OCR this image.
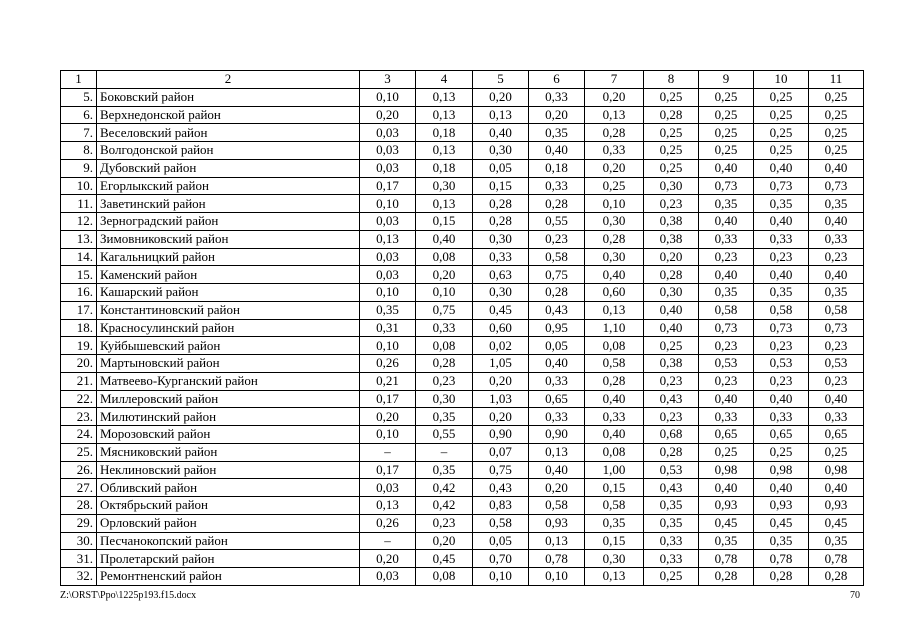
1	2	3	4	5	6	7	8	9	10	11
5.	Боковский район	0,10	0,13	0,20	0,33	0,20	0,25	0,25	0,25	0,25
6.	Верхнедонской район	0,20	0,13	0,13	0,20	0,13	0,28	0,25	0,25	0,25
7.	Веселовский район	0,03	0,18	0,40	0,35	0,28	0,25	0,25	0,25	0,25
8.	Волгодонской район	0,03	0,13	0,30	0,40	0,33	0,25	0,25	0,25	0,25
9.	Дубовский район	0,03	0,18	0,05	0,18	0,20	0,25	0,40	0,40	0,40
10.	Егорлыкский район	0,17	0,30	0,15	0,33	0,25	0,30	0,73	0,73	0,73
11.	Заветинский район	0,10	0,13	0,28	0,28	0,10	0,23	0,35	0,35	0,35
12.	Зерноградский район	0,03	0,15	0,28	0,55	0,30	0,38	0,40	0,40	0,40
13.	Зимовниковский район	0,13	0,40	0,30	0,23	0,28	0,38	0,33	0,33	0,33
14.	Кагальницкий район	0,03	0,08	0,33	0,58	0,30	0,20	0,23	0,23	0,23
15.	Каменский район	0,03	0,20	0,63	0,75	0,40	0,28	0,40	0,40	0,40
16.	Кашарский район	0,10	0,10	0,30	0,28	0,60	0,30	0,35	0,35	0,35
17.	Константиновский район	0,35	0,75	0,45	0,43	0,13	0,40	0,58	0,58	0,58
18.	Красносулинский район	0,31	0,33	0,60	0,95	1,10	0,40	0,73	0,73	0,73
19.	Куйбышевский район	0,10	0,08	0,02	0,05	0,08	0,25	0,23	0,23	0,23
20.	Мартыновский район	0,26	0,28	1,05	0,40	0,58	0,38	0,53	0,53	0,53
21.	Матвеево-Курганский район	0,21	0,23	0,20	0,33	0,28	0,23	0,23	0,23	0,23
22.	Миллеровский район	0,17	0,30	1,03	0,65	0,40	0,43	0,40	0,40	0,40
23.	Милютинский район	0,20	0,35	0,20	0,33	0,33	0,23	0,33	0,33	0,33
24.	Морозовский район	0,10	0,55	0,90	0,90	0,40	0,68	0,65	0,65	0,65
25.	Мясниковский район	–	–	0,07	0,13	0,08	0,28	0,25	0,25	0,25
26.	Неклиновский район	0,17	0,35	0,75	0,40	1,00	0,53	0,98	0,98	0,98
27.	Обливский район	0,03	0,42	0,43	0,20	0,15	0,43	0,40	0,40	0,40
28.	Октябрьский район	0,13	0,42	0,83	0,58	0,58	0,35	0,93	0,93	0,93
29.	Орловский район	0,26	0,23	0,58	0,93	0,35	0,35	0,45	0,45	0,45
30.	Песчанокопский район	–	0,20	0,05	0,13	0,15	0,33	0,35	0,35	0,35
31.	Пролетарский район	0,20	0,45	0,70	0,78	0,30	0,33	0,78	0,78	0,78
32.	Ремонтненский район	0,03	0,08	0,10	0,10	0,13	0,25	0,28	0,28	0,28
Z:\ORST\Ppo\1225p193.f15.docx	70
